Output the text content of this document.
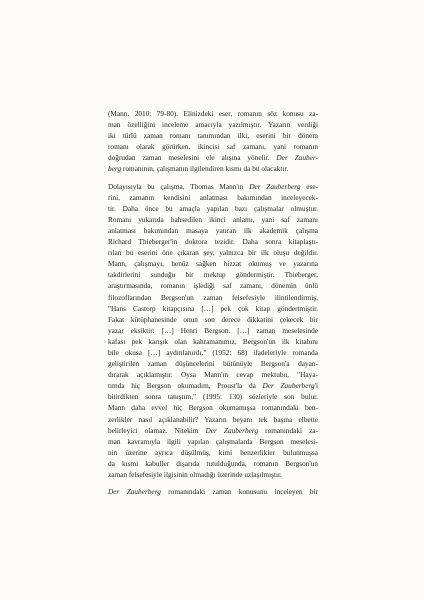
(Mann, 2010: 79-80). Elinizdeki eser, romanın söz konusu za-
man özelliğini inceleme amacıyla yazılmıştır. Yazarın verdiği
iki türlü zaman romanı tanımından ilki, eserini bir dönem
romanı olarak görürken, ikincisi saf zamanı, yani romanın
doğrudan zaman meselesini ele alışına yönelir. Der Zauber-
berg romanının, çalışmanın ilgilendiren kısmı da bu olacaktır.
Dolayısıyla bu çalışma, Thomas Mann'ın Der Zauberberg ese-
rini, zamanın kendisini anlatması bakımından inceleyecek-
tir. Daha önce bu amaçla yapılan bazı çalışmalar olmuştur.
Romanı yukarıda bahsedilen ikinci anlamı, yani saf zamanı
anlatması bakımından masaya yatıran ilk akademik çalışma
Richard Thieberger'in doktora tezidir. Daha sonra kitaplaştı-
rılan bu eserini öne çıkaran şey, yalnızca bir ilk oluşu değildir.
Mann, çalışmayı, henüz sağken bizzat okumuş ve yazarına
takdirlerini sunduğu bir mektup göndermiştir. Thieberger,
araştırmasında, romanın işlediği saf zamanı, dönemin ünlü
filozoflarından Bergson'un zaman felsefesiyle ilintilendirmiş,
"Hans Castorp kitapçısına […] pek çok kitap göndertmiştir.
Fakat kütüphanesinde onun son derece dikkatini çekecek bir
yazar eksiktir: […] Henri Bergson. […] zaman meselesinde
kafası pek karışık olan kahramanımız, Bergson'un ilk kitabını
bile okusa […] aydınlanırdı," (1952: 68) ifadeleriyle romanda
geliştirilen zaman düşüncelerini bütünüyle Bergson'a dayan-
dırarak açıklamıştır. Oysa Mann'ın cevap mektubu, "Haya-
tımda hiç Bergson okumadım, Proust'la da Der Zauberberg'i
bitirdikten sonra tanıştım," (1995: 130) sözleriyle son bulur.
Mann daha evvel hiç Bergson okumamışsa romanındaki ben-
zerlikler nasıl açıklanabilir? Yazarın beyanı tek başına elbette
belirleyici olamaz. Nitekim Der Zauberberg romanındaki za-
man kavramıyla ilgili yapılan çalışmalarda Bergson meselesi-
nin üzerine ayrıca düşülmüş, kimi benzerlikler bulunmuşsa
da kısmi kabuller dışarıda tutulduğunda, romanın Bergson'un
zaman felsefesiyle ilgisinin olmadığı üzerinde uzlaşılmıştır.
Der Zauberberg romanındaki zaman konusunu inceleyen bir
